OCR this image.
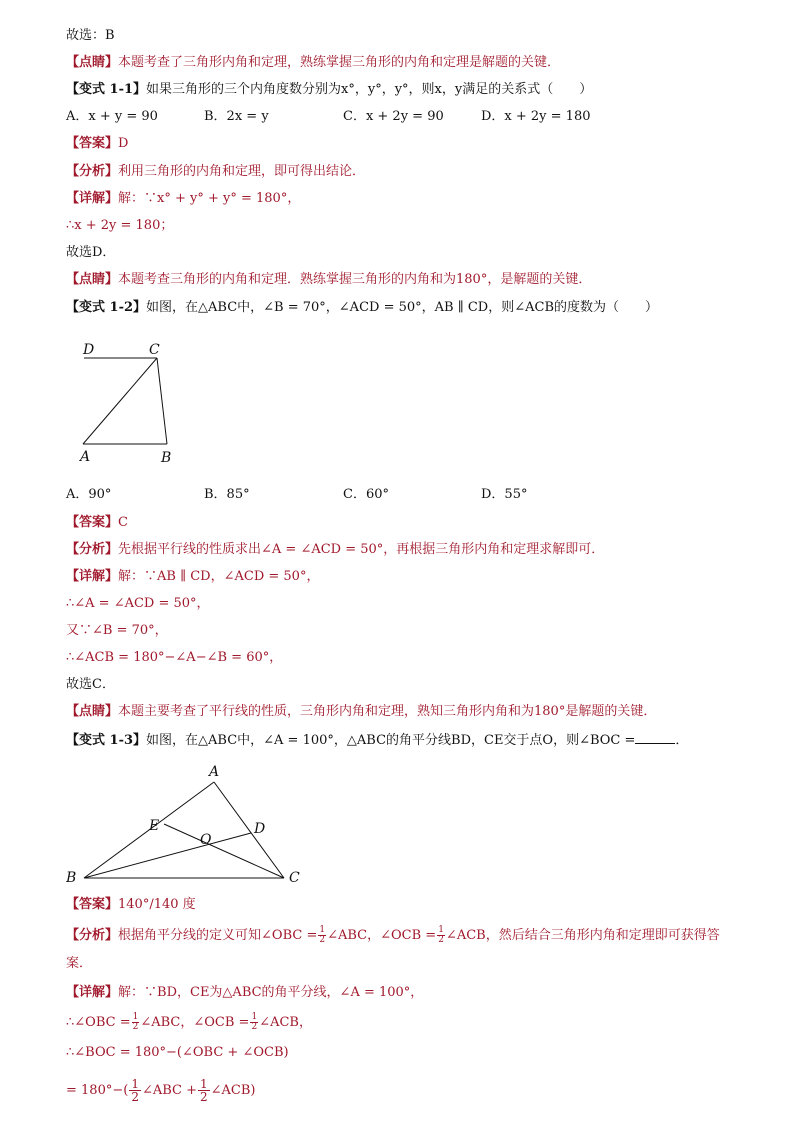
故选：B
【点睛】本题考查了三角形内角和定理，熟练掌握三角形的内角和定理是解题的关键．
【变式 1-1】如果三角形的三个内角度数分别为x°，y°，y°，则x，y满足的关系式（　　）
A．x + y = 90	B．2x = y	C．x + 2y = 90	D．x + 2y = 180
【答案】D
【分析】利用三角形的内角和定理，即可得出结论．
【详解】解：∵x° + y° + y° = 180°，
∴x + 2y = 180；
故选D．
【点睛】本题考查三角形的内角和定理．熟练掌握三角形的内角和为180°，是解题的关键．
【变式 1-2】如图，在△ABC中，∠B = 70°，∠ACD = 50°，AB ∥ CD，则∠ACB的度数为（　　）
D	C
A	B
A．90°	B．85°	C．60°	D．55°
【答案】C
【分析】先根据平行线的性质求出∠A = ∠ACD = 50°，再根据三角形内角和定理求解即可．
【详解】解：∵AB ∥ CD，∠ACD = 50°，
∴∠A = ∠ACD = 50°，
又∵∠B = 70°，
∴∠ACB = 180°−∠A−∠B = 60°，
故选C．
【点睛】本题主要考查了平行线的性质，三角形内角和定理，熟知三角形内角和为180°是解题的关键．
【变式 1-3】如图，在△ABC中，∠A = 100°，△ABC的角平分线BD，CE交于点O，则∠BOC =	．
A
E	D
O
B	C
【答案】140°/140 度
【分析】根据角平分线的定义可知∠OBC = $\frac{1}{2}$ ∠ABC，∠OCB = $\frac{1}{2}$ ∠ACB，然后结合三角形内角和定理即可获得答
案．
【详解】解：∵BD，CE为△ABC的角平分线，∠A = 100°，
∴∠OBC = $\frac{1}{2}$ ∠ABC，∠OCB = $\frac{1}{2}$ ∠ACB，
∴∠BOC = 180°−(∠OBC + ∠OCB)
= $180^\circ-( \frac{1}{2}$ ∠ABC + $\frac{1}{2}$ ∠ACB)
